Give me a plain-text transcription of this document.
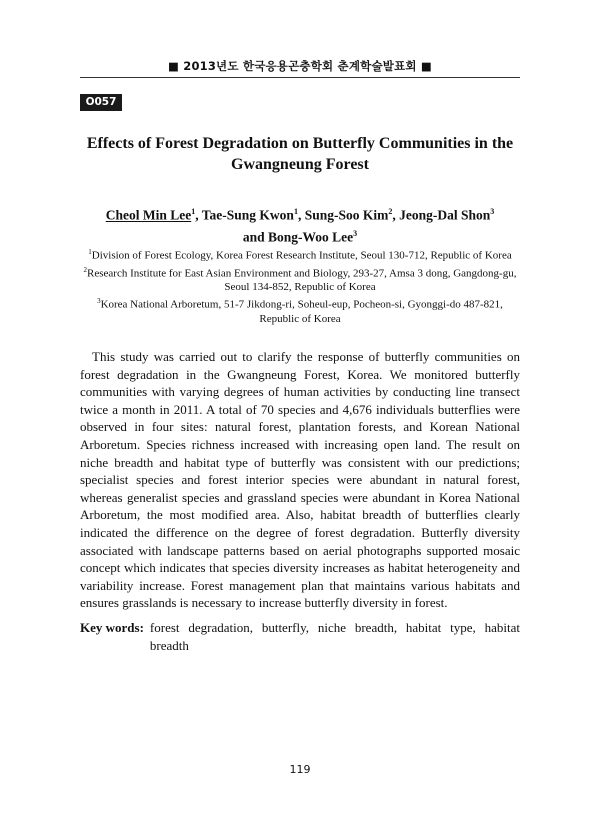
■ 2013년도 한국응용곤충학회 춘계학술발표회 ■
O057
Effects of Forest Degradation on Butterfly Communities in the
Gwangneung Forest
Cheol Min Lee$^1$, Tae-Sung Kwon$^1$, Sung-Soo Kim$^2$, Jeong-Dal Shon$^3$
and Bong-Woo Lee$^3$
$^1$Division of Forest Ecology, Korea Forest Research Institute, Seoul 130-712, Republic of Korea
$^2$Research Institute for East Asian Environment and Biology, 293-27, Amsa 3 dong, Gangdong-gu, Seoul 134-852, Republic of Korea
$^3$Korea National Arboretum, 51-7 Jikdong-ri, Soheul-eup, Pocheon-si, Gyonggi-do 487-821, Republic of Korea

This study was carried out to clarify the response of butterfly communities on forest degradation in the Gwangneung Forest, Korea. We monitored butterfly communities with varying degrees of human activities by conducting line transect twice a month in 2011. A total of 70 species and 4,676 individuals butterflies were observed in four sites: natural forest, plantation forests, and Korean National Arboretum. Species richness increased with increasing open land. The result on niche breadth and habitat type of butterfly was consistent with our predictions; specialist species and forest interior species were abundant in natural forest, whereas generalist species and grassland species were abundant in Korea National Arboretum, the most modified area. Also, habitat breadth of butterflies clearly indicated the difference on the degree of forest degradation. Butterfly diversity associated with landscape patterns based on aerial photographs supported mosaic concept which indicates that species diversity increases as habitat heterogeneity and variability increase. Forest management plan that maintains various habitats and ensures grasslands is necessary to increase butterfly diversity in forest.

Key words: forest degradation, butterfly, niche breadth, habitat type, habitat breadth
119
